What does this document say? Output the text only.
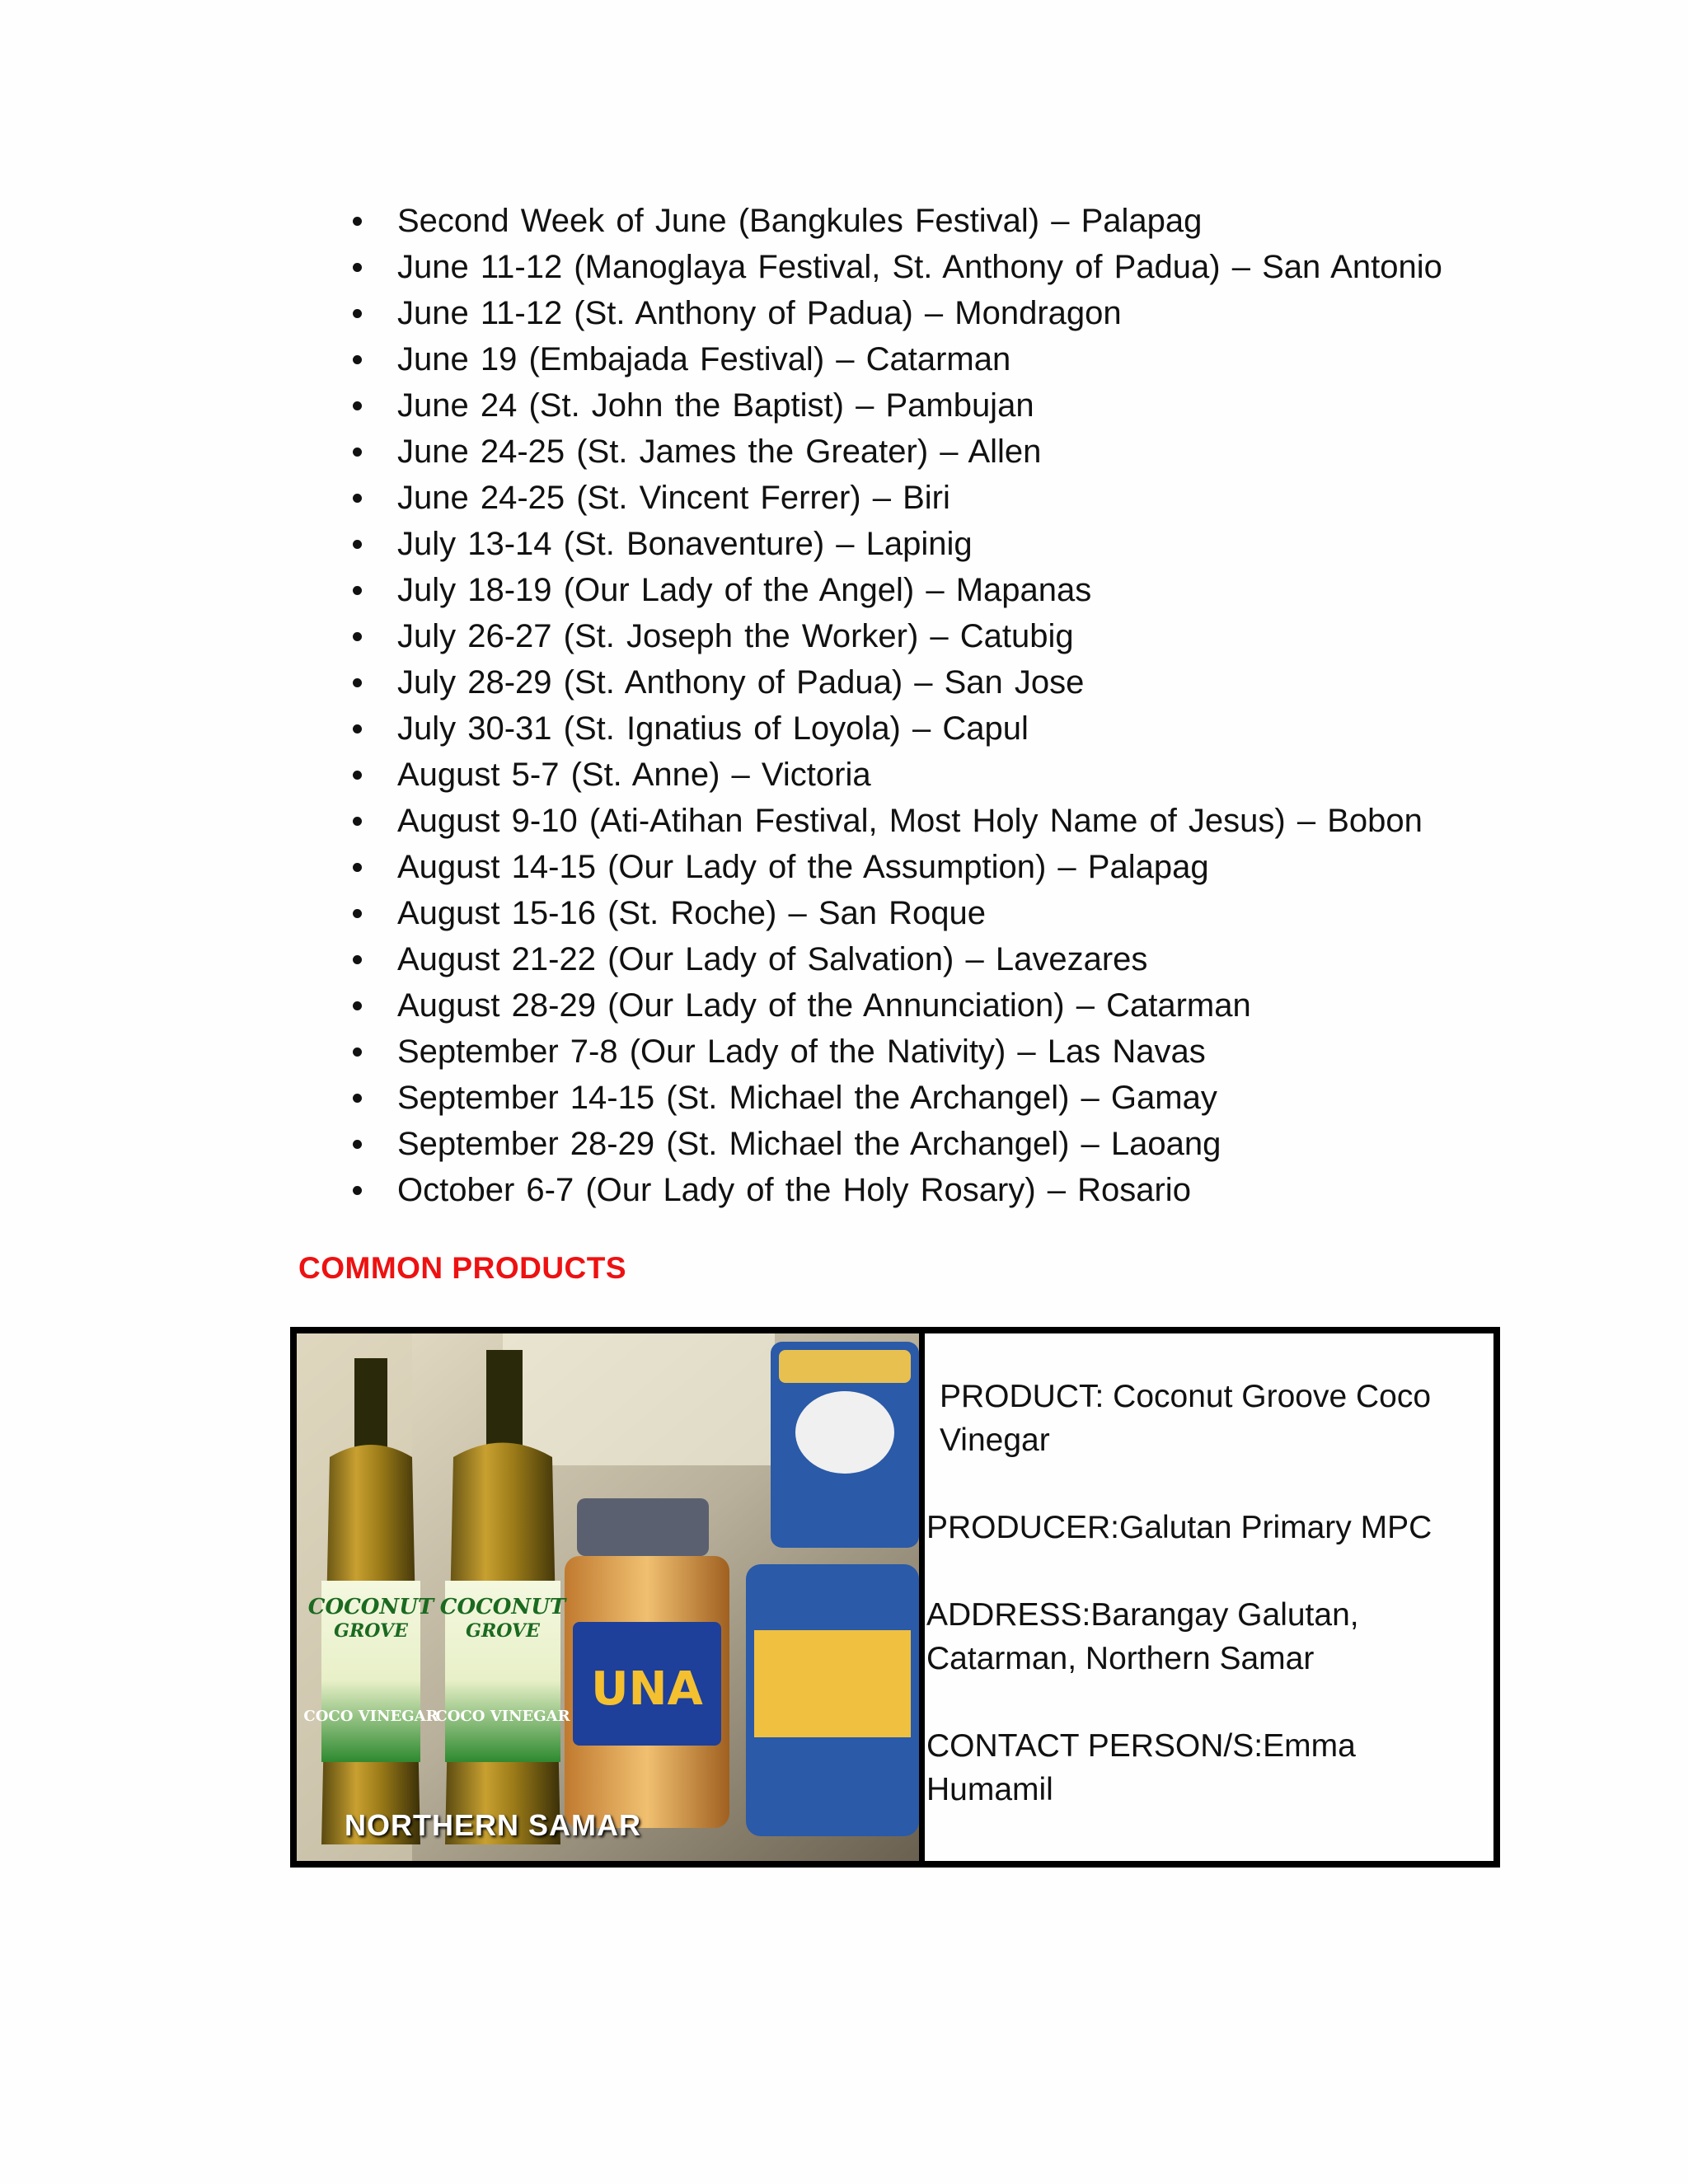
Second Week of June (Bangkules Festival) – Palapag
June 11-12 (Manoglaya Festival, St. Anthony of Padua) – San Antonio
June 11-12 (St. Anthony of Padua) – Mondragon
June 19 (Embajada Festival) – Catarman
June 24 (St. John the Baptist) – Pambujan
June 24-25 (St. James the Greater) – Allen
June 24-25 (St. Vincent Ferrer) – Biri
July 13-14 (St. Bonaventure) – Lapinig
July 18-19 (Our Lady of the Angel) – Mapanas
July 26-27 (St. Joseph the Worker) – Catubig
July 28-29 (St. Anthony of Padua) – San Jose
July 30-31 (St. Ignatius of Loyola) – Capul
August 5-7 (St. Anne) – Victoria
August 9-10 (Ati-Atihan Festival, Most Holy Name of Jesus) – Bobon
August 14-15 (Our Lady of the Assumption) – Palapag
August 15-16 (St. Roche) – San Roque
August 21-22 (Our Lady of Salvation) – Lavezares
August 28-29 (Our Lady of the Annunciation) – Catarman
September 7-8 (Our Lady of the Nativity) – Las Navas
September 14-15 (St. Michael the Archangel) – Gamay
September 28-29 (St. Michael the Archangel) – Laoang
October 6-7 (Our Lady of the Holy Rosary) – Rosario
COMMON PRODUCTS
COCONUT
GROVE
COCO VINEGAR
COCONUT
GROVE
COCO VINEGAR
UNA
NORTHERN SAMAR

PRODUCT: Coconut Groove Coco Vinegar

PRODUCER:Galutan Primary MPC

ADDRESS:Barangay Galutan, Catarman, Northern Samar

CONTACT PERSON/S:Emma Humamil
